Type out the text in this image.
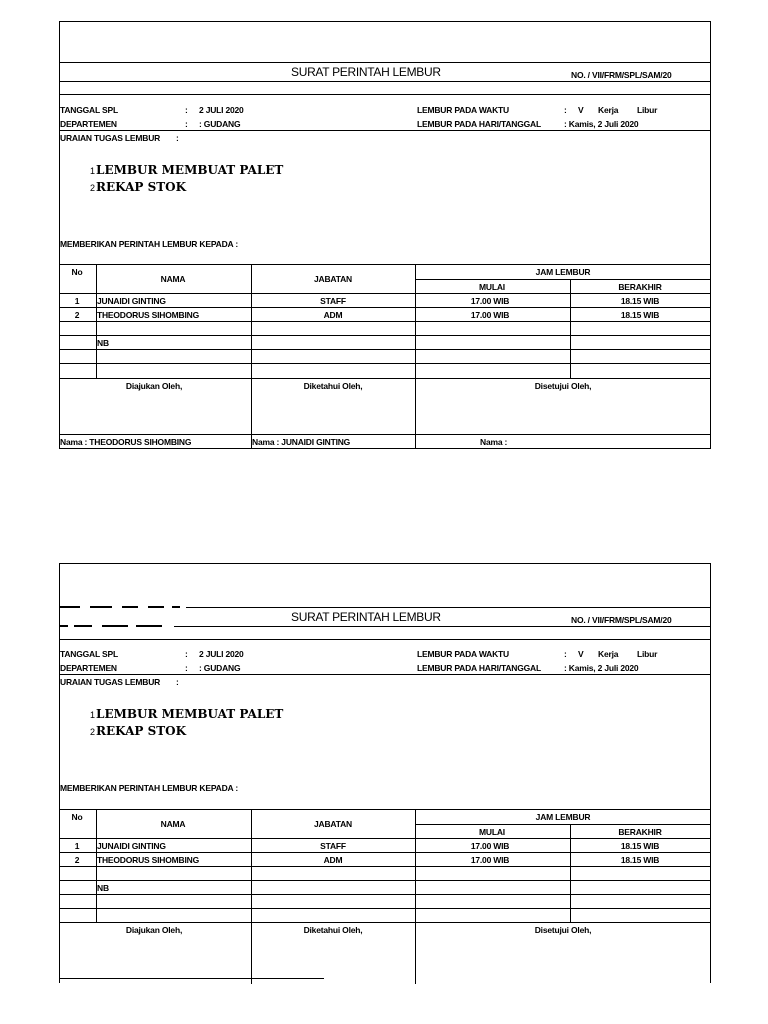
SURAT PERINTAH LEMBUR	NO. / VII/FRM/SPL/SAM/20
TANGGAL SPL	: 2 JULI 2020	LEMBUR PADA WAKTU	: V Kerja Libur
DEPARTEMEN	: : GUDANG	LEMBUR PADA HARI/TANGGAL	: Kamis, 2 Juli 2020
URAIAN TUGAS LEMBUR :
1LEMBUR MEMBUAT PALET
2REKAP STOK
MEMBERIKAN PERINTAH LEMBUR KEPADA :
No
NAMA	JABATAN
JAM LEMBUR
MULAI	BERAKHIR
1 JUNAIDI GINTING	STAFF	17.00 WIB	18.15 WIB
2 THEODORUS SIHOMBING	ADM	17.00 WIB	18.15 WIB
NB
Diajukan Oleh,	Diketahui Oleh,	Disetujui Oleh,
Nama : THEODORUS SIHOMBING	Nama : JUNAIDI GINTING	Nama :
SURAT PERINTAH LEMBUR	NO. / VII/FRM/SPL/SAM/20
TANGGAL SPL	: 2 JULI 2020	LEMBUR PADA WAKTU	: V Kerja Libur
DEPARTEMEN	: : GUDANG	LEMBUR PADA HARI/TANGGAL	: Kamis, 2 Juli 2020
URAIAN TUGAS LEMBUR :
1LEMBUR MEMBUAT PALET
2REKAP STOK
MEMBERIKAN PERINTAH LEMBUR KEPADA :
No
NAMA	JABATAN
JAM LEMBUR
MULAI	BERAKHIR
1 JUNAIDI GINTING	STAFF	17.00 WIB	18.15 WIB
2 THEODORUS SIHOMBING	ADM	17.00 WIB	18.15 WIB
NB
Diajukan Oleh,	Diketahui Oleh,	Disetujui Oleh,
